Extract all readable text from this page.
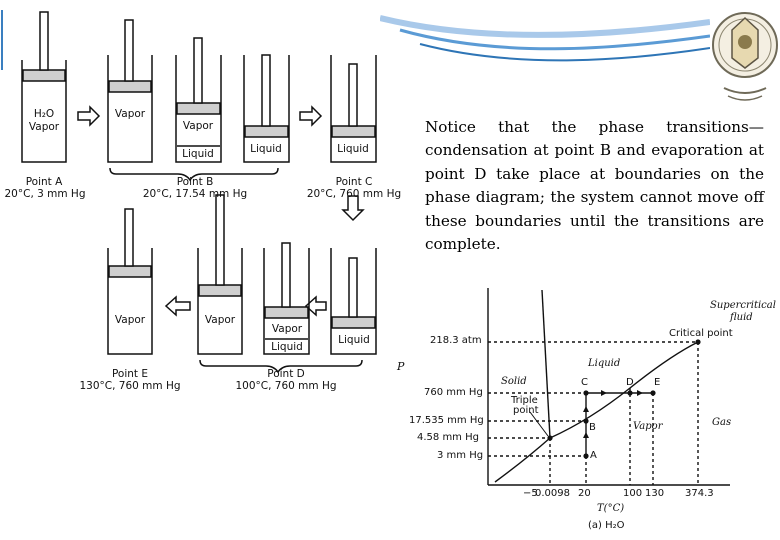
H₂O
Vapor
Vapor
Vapor
Liquid	Liquid	Liquid
Vapor	Vapor
Vapor
Liquid
Liquid
Point A
20°C, 3 mm Hg
Point B
20°C, 17.54 mm Hg
Point C
20°C, 760 mm Hg
Point E
130°C, 760 mm Hg
Point D
100°C, 760 mm Hg
Notice that the phase transitions—condensation at point B and evaporation at point D take place at boundaries on the phase diagram; the system cannot move off these boundaries until the transitions are complete.
P
218.3 atm
760 mm Hg
17.535 mm Hg
4.58 mm Hg
3 mm Hg
−5
0.0098 20	100 130 374.3
T(°C)
(a) H₂O
Solid
Liquid
Vapor	Gas
Supercritical
fluid
Critical point
Triple
point
A
B
C	D E
